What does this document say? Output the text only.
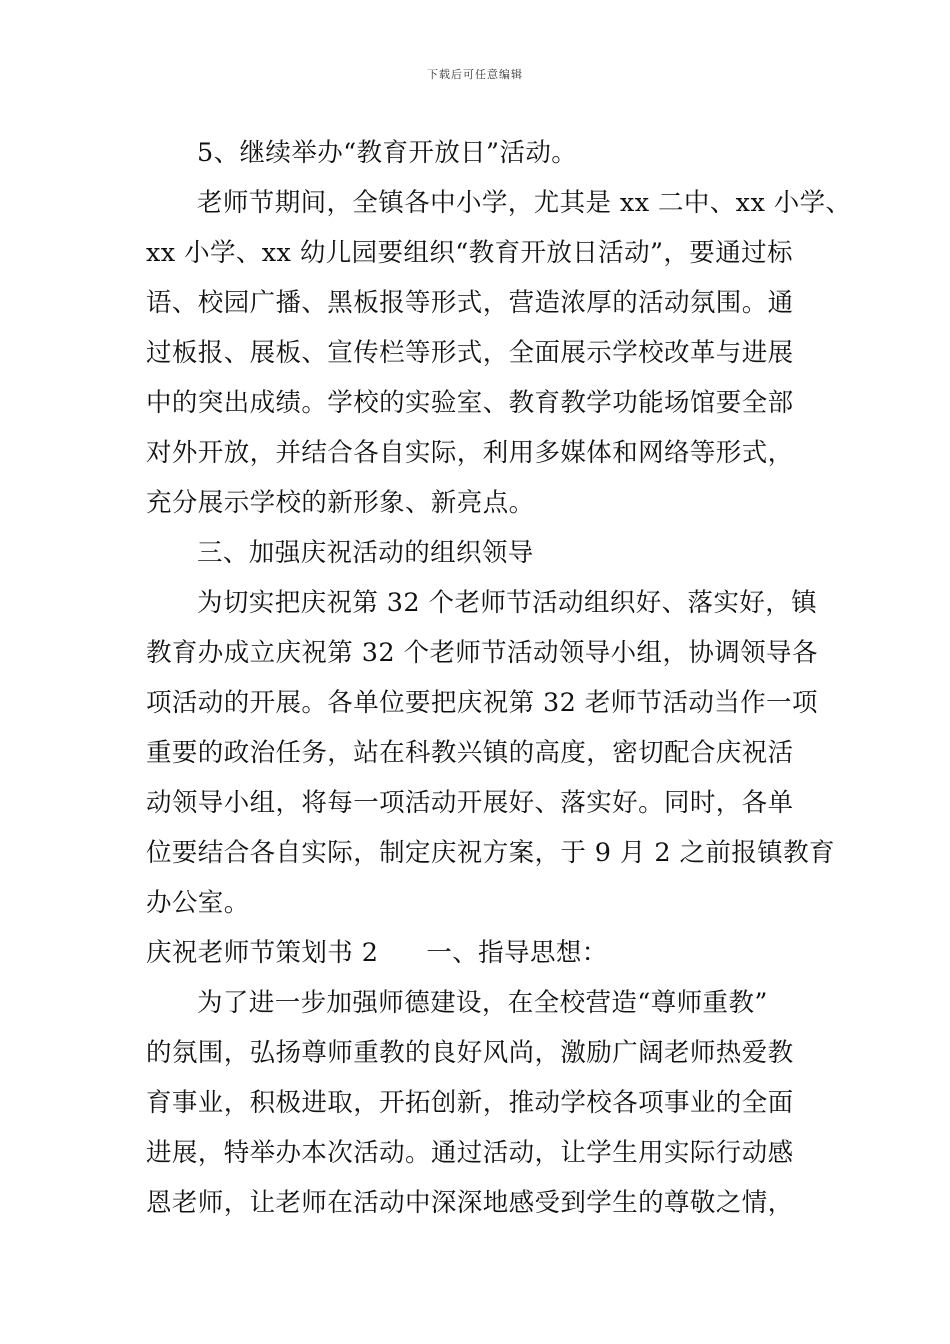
下载后可任意编辑
5、继续举办“教育开放日”活动。
老师节期间，全镇各中小学，尤其是 xx 二中、xx 小学、
xx 小学、xx 幼儿园要组织“教育开放日活动”，要通过标
语、校园广播、黑板报等形式，营造浓厚的活动氛围。通
过板报、展板、宣传栏等形式，全面展示学校改革与进展
中的突出成绩。学校的实验室、教育教学功能场馆要全部
对外开放，并结合各自实际，利用多媒体和网络等形式，
充分展示学校的新形象、新亮点。
三、加强庆祝活动的组织领导
为切实把庆祝第 32 个老师节活动组织好、落实好，镇
教育办成立庆祝第 32 个老师节活动领导小组，协调领导各
项活动的开展。各单位要把庆祝第 32 老师节活动当作一项
重要的政治任务，站在科教兴镇的高度，密切配合庆祝活
动领导小组，将每一项活动开展好、落实好。同时，各单
位要结合各自实际，制定庆祝方案，于 9 月 2 之前报镇教育
办公室。
庆祝老师节策划书 2 一、指导思想：
为了进一步加强师德建设，在全校营造“尊师重教”
的氛围，弘扬尊师重教的良好风尚，激励广阔老师热爱教
育事业，积极进取，开拓创新，推动学校各项事业的全面
进展，特举办本次活动。通过活动，让学生用实际行动感
恩老师，让老师在活动中深深地感受到学生的尊敬之情，
